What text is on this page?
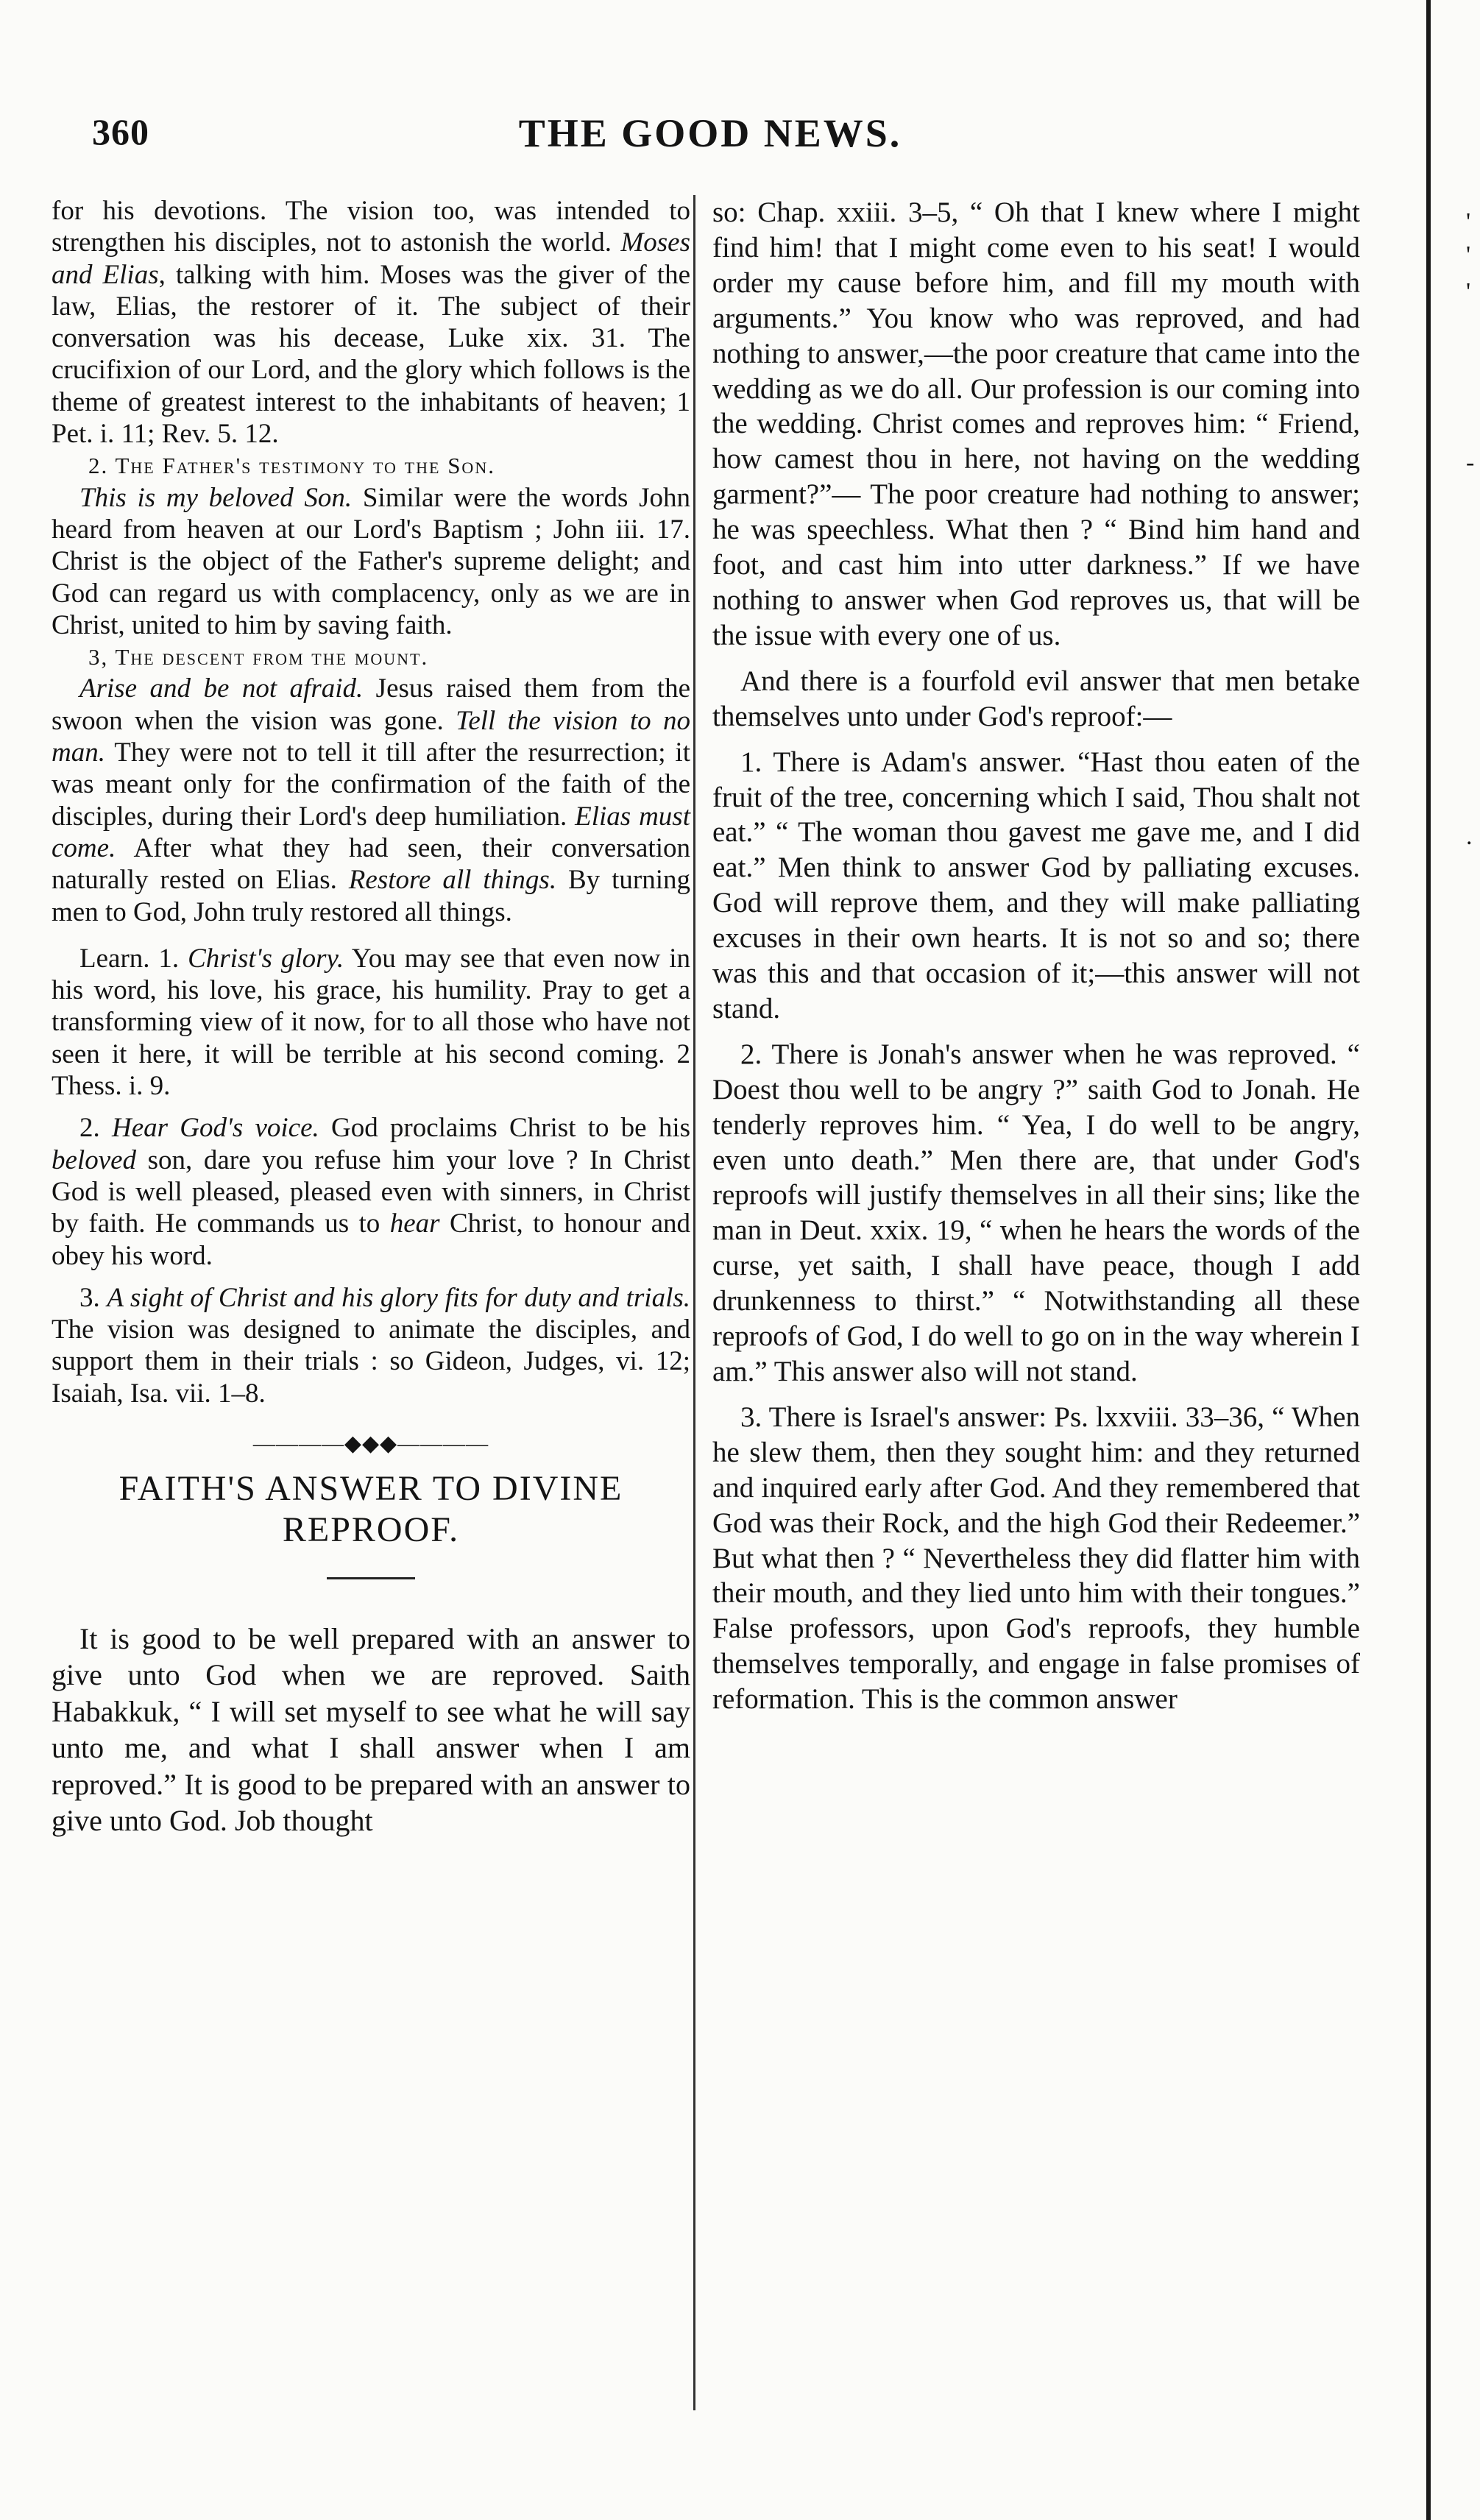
360	THE GOOD NEWS.
'
'
'
-
.

for his devotions. The vision too, was intended to strengthen his disciples, not to astonish the world. Moses and Elias, talking with him. Moses was the giver of the law, Elias, the restorer of it. The subject of their conversation was his decease, Luke xix. 31. The crucifixion of our Lord, and the glory which follows is the theme of greatest interest to the inhabitants of heaven; 1 Pet. i. 11; Rev. 5. 12.

2. The Father's testimony to the Son.

This is my beloved Son. Similar were the words John heard from heaven at our Lord's Baptism ; John iii. 17. Christ is the object of the Father's supreme delight; and God can regard us with complacency, only as we are in Christ, united to him by saving faith.

3, The descent from the mount.

Arise and be not afraid. Jesus raised them from the swoon when the vision was gone. Tell the vision to no man. They were not to tell it till after the resurrection; it was meant only for the confirmation of the faith of the disciples, during their Lord's deep humiliation. Elias must come. After what they had seen, their conversation naturally rested on Elias. Restore all things. By turning men to God, John truly restored all things.

Learn. 1. Christ's glory. You may see that even now in his word, his love, his grace, his humility. Pray to get a transforming view of it now, for to all those who have not seen it here, it will be terrible at his second coming. 2 Thess. i. 9.

2. Hear God's voice. God proclaims Christ to be his beloved son, dare you refuse him your love ? In Christ God is well pleased, pleased even with sinners, in Christ by faith. He commands us to hear Christ, to honour and obey his word.

3. A sight of Christ and his glory fits for duty and trials. The vision was designed to animate the disciples, and support them in their trials : so Gideon, Judges, vi. 12; Isaiah, Isa. vii. 1–8.

————◆◆◆————
FAITH'S ANSWER TO DIVINE REPROOF.

It is good to be well prepared with an answer to give unto God when we are reproved. Saith Habakkuk, “ I will set myself to see what he will say unto me, and what I shall answer when I am reproved.” It is good to be prepared with an answer to give unto God. Job thought

so: Chap. xxiii. 3–5, “ Oh that I knew where I might find him! that I might come even to his seat! I would order my cause before him, and fill my mouth with arguments.” You know who was reproved, and had nothing to answer,—the poor creature that came into the wedding as we do all. Our profession is our coming into the wedding. Christ comes and reproves him: “ Friend, how camest thou in here, not having on the wedding garment?”— The poor creature had nothing to answer; he was speechless. What then ? “ Bind him hand and foot, and cast him into utter darkness.” If we have nothing to answer when God reproves us, that will be the issue with every one of us.

And there is a fourfold evil answer that men betake themselves unto under God's reproof:—

1. There is Adam's answer. “Hast thou eaten of the fruit of the tree, concerning which I said, Thou shalt not eat.” “ The woman thou gavest me gave me, and I did eat.” Men think to answer God by palliating excuses. God will reprove them, and they will make palliating excuses in their own hearts. It is not so and so; there was this and that occasion of it;—this answer will not stand.

2. There is Jonah's answer when he was reproved. “ Doest thou well to be angry ?” saith God to Jonah. He tenderly reproves him. “ Yea, I do well to be angry, even unto death.” Men there are, that under God's reproofs will justify themselves in all their sins; like the man in Deut. xxix. 19, “ when he hears the words of the curse, yet saith, I shall have peace, though I add drunkenness to thirst.” “ Notwithstanding all these reproofs of God, I do well to go on in the way wherein I am.” This answer also will not stand.

3. There is Israel's answer: Ps. lxxviii. 33–36, “ When he slew them, then they sought him: and they returned and inquired early after God. And they remembered that God was their Rock, and the high God their Redeemer.” But what then ? “ Nevertheless they did flatter him with their mouth, and they lied unto him with their tongues.” False professors, upon God's reproofs, they humble themselves temporally, and engage in false promises of reformation. This is the common answer
